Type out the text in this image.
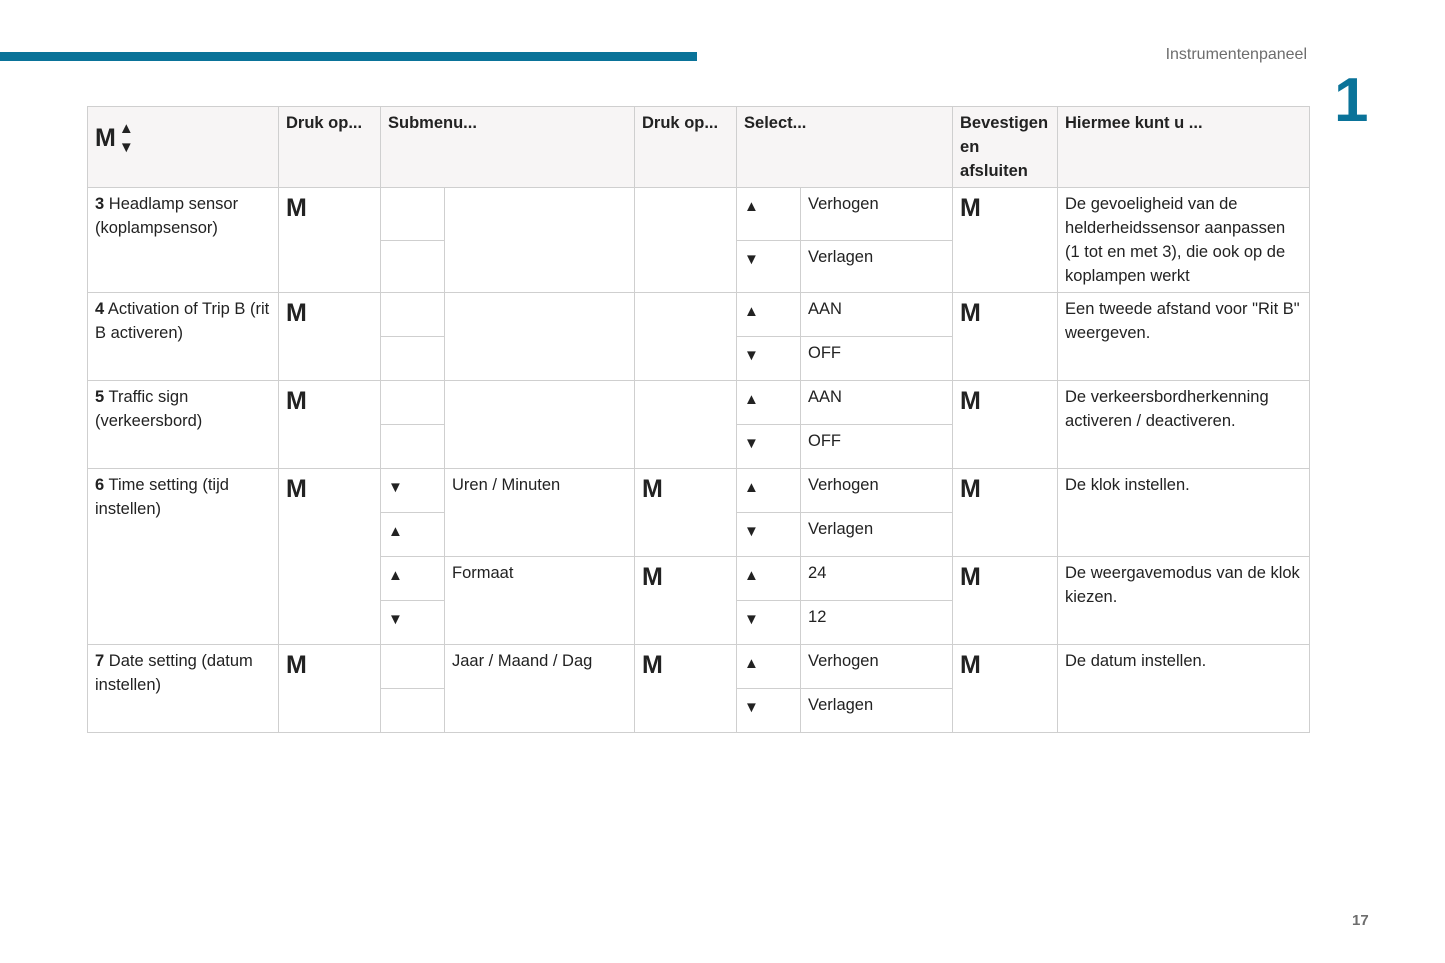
Instrumentenpaneel
1
M ▲
▼	Druk op...	Submenu...		Druk op...	Select...		Bevestigen en afsluiten	Hiermee kunt u ...
3 Headlamp sensor (koplampsensor)	M				▲	Verhogen	M	De gevoeligheid van de helderheidssensor aanpassen (1 tot en met 3), die ook op de koplampen werkt
					▼	Verlagen		
4 Activation of Trip B (rit B activeren)	M				▲	AAN	M	Een tweede afstand voor "Rit B" weergeven.
					▼	OFF		
5 Traffic sign (verkeersbord)	M				▲	AAN	M	De verkeersbordherkenning activeren / deactiveren.
					▼	OFF		
6 Time setting (tijd instellen)	M	▼	Uren / Minuten	M	▲	Verhogen	M	De klok instellen.
		▲			▼	Verlagen		
		▲	Formaat	M	▲	24	M	De weergavemodus van de klok kiezen.
		▼			▼	12		
7 Date setting (datum instellen)	M		Jaar / Maand / Dag	M	▲	Verhogen	M	De datum instellen.
					▼	Verlagen		
17
